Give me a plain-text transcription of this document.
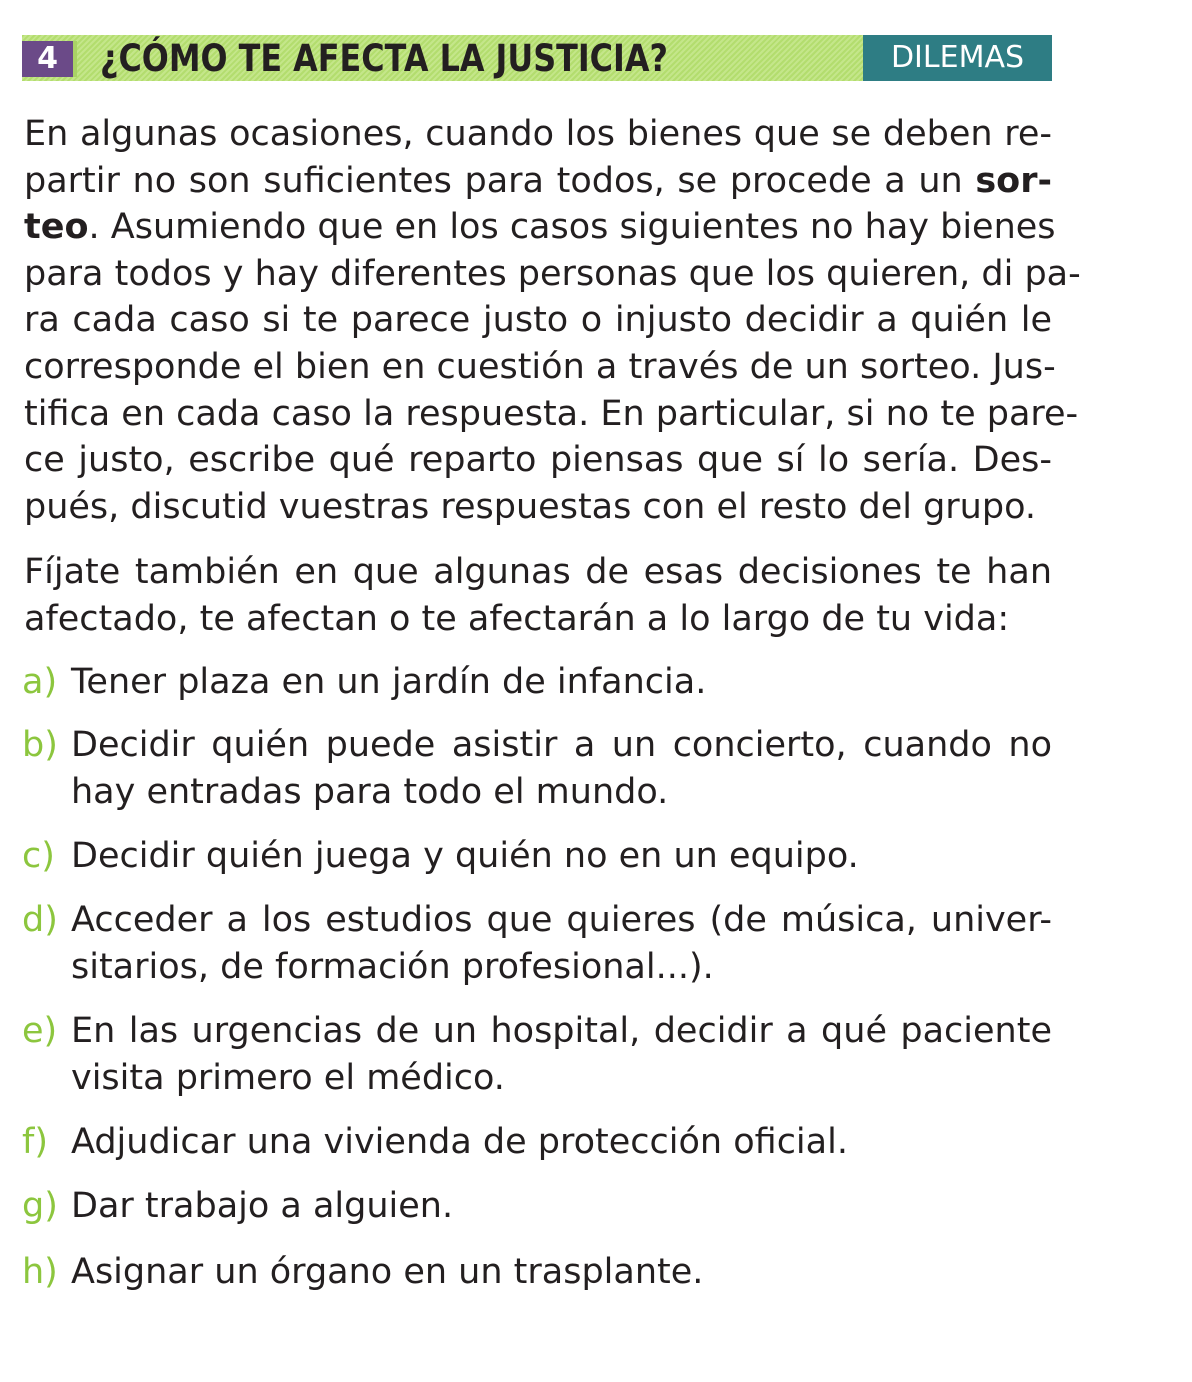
4	¿CÓMO TE AFECTA LA JUSTICIA?	DILEMAS
En algunas ocasiones, cuando los bienes que se deben re-
partir no son suficientes para todos, se procede a un sor-
teo. Asumiendo que en los casos siguientes no hay bienes
para todos y hay diferentes personas que los quieren, di pa-
ra cada caso si te parece justo o injusto decidir a quién le
corresponde el bien en cuestión a través de un sorteo. Jus-
tifica en cada caso la respuesta. En particular, si no te pare-
ce justo, escribe qué reparto piensas que sí lo sería. Des-
pués, discutid vuestras respuestas con el resto del grupo.
Fíjate también en que algunas de esas decisiones te han
afectado, te afectan o te afectarán a lo largo de tu vida:
a) Tener plaza en un jardín de infancia.
b) Decidir quién puede asistir a un concierto, cuando no
hay entradas para todo el mundo.
c) Decidir quién juega y quién no en un equipo.
d) Acceder a los estudios que quieres (de música, univer-
sitarios, de formación profesional...).
e) En las urgencias de un hospital, decidir a qué paciente
visita primero el médico.
f) Adjudicar una vivienda de protección oficial.
g) Dar trabajo a alguien.
h) Asignar un órgano en un trasplante.
